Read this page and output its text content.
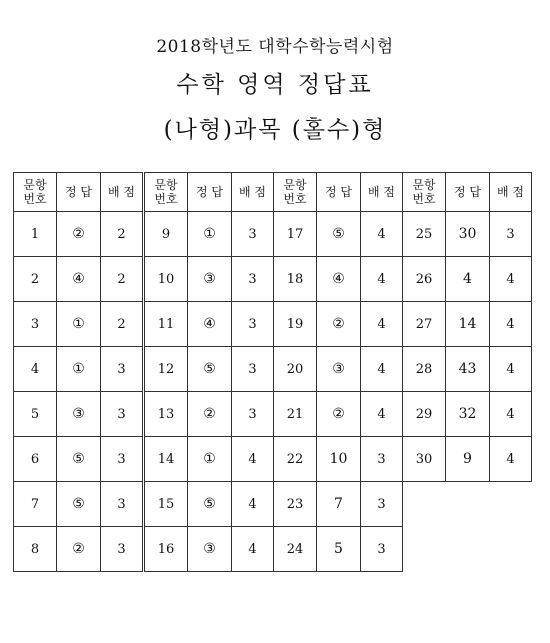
2018학년도 대학수학능력시험
수학 영역 정답표
(나형)과목 (홀수)형
문항
번호	정 답	배 점
1	②	2
2	④	2
3	①	2
4	①	3
5	③	3
6	⑤	3
7	⑤	3
8	②	3
문항
번호	정 답	배 점
9	①	3
10	③	3
11	④	3
12	⑤	3
13	②	3
14	①	4
15	⑤	4
16	③	4
문항
번호	정 답	배 점
17	⑤	4
18	④	4
19	②	4
20	③	4
21	②	4
22	10	3
23	7	3
24	5	3
문항
번호	정 답	배 점
25	30	3
26	4	4
27	14	4
28	43	4
29	32	4
30	9	4
